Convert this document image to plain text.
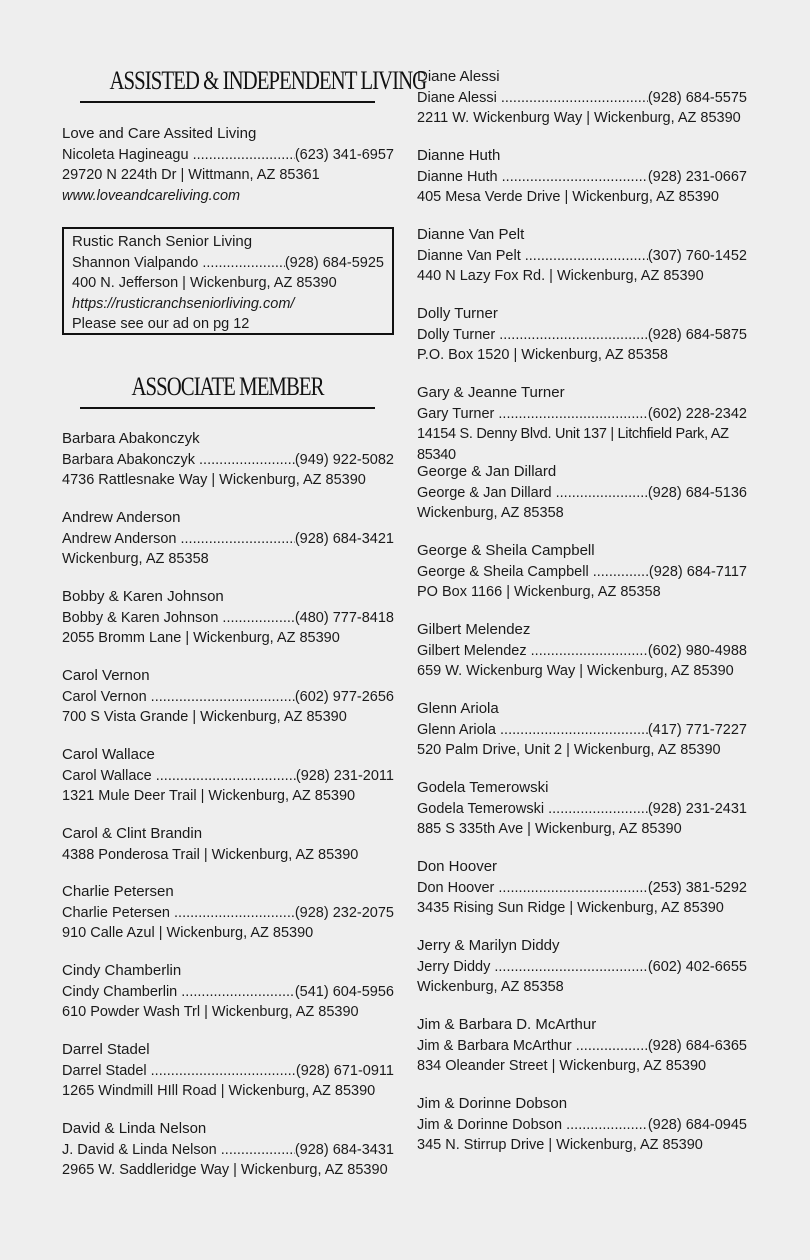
ASSISTED & INDEPENDENT LIVING
Love and Care Assited Living
Nicoleta Hagineagu .....	(623) 341-6957
29720 N 224th Dr | Wittmann, AZ 85361
www.loveandcareliving.com
Rustic Ranch Senior Living
Shannon Vialpando .....	(928) 684-5925
400 N. Jefferson | Wickenburg, AZ 85390
https://rusticranchseniorliving.com/
Please see our ad on pg 12
ASSOCIATE MEMBER
Barbara Abakonczyk
Barbara Abakonczyk .....	(949) 922-5082
4736 Rattlesnake Way | Wickenburg, AZ 85390
Andrew Anderson
Andrew Anderson .....	(928) 684-3421
Wickenburg, AZ 85358
Bobby & Karen Johnson
Bobby & Karen Johnson .....	(480) 777-8418
2055 Bromm Lane | Wickenburg, AZ 85390
Carol Vernon
Carol Vernon .....	(602) 977-2656
700 S Vista Grande | Wickenburg, AZ 85390
Carol Wallace
Carol Wallace .....	(928) 231-2011
1321 Mule Deer Trail | Wickenburg, AZ 85390
Carol & Clint Brandin
4388 Ponderosa Trail | Wickenburg, AZ 85390
Charlie Petersen
Charlie Petersen .....	(928) 232-2075
910 Calle Azul | Wickenburg, AZ 85390
Cindy Chamberlin
Cindy Chamberlin .....	(541) 604-5956
610 Powder Wash Trl | Wickenburg, AZ 85390
Darrel Stadel
Darrel Stadel .....	(928) 671-0911
1265 Windmill HIll Road | Wickenburg, AZ 85390
David & Linda Nelson
J. David & Linda Nelson .....	(928) 684-3431
2965 W. Saddleridge Way | Wickenburg, AZ 85390
Diane Alessi
Diane Alessi .....	(928) 684-5575
2211 W. Wickenburg Way | Wickenburg, AZ 85390
Dianne Huth
Dianne Huth .....	(928) 231-0667
405 Mesa Verde Drive | Wickenburg, AZ 85390
Dianne Van Pelt
Dianne Van Pelt .....	(307) 760-1452
440 N Lazy Fox Rd. | Wickenburg, AZ 85390
Dolly Turner
Dolly Turner .....	(928) 684-5875
P.O. Box 1520 | Wickenburg, AZ 85358
Gary & Jeanne Turner
Gary Turner .....	(602) 228-2342
14154 S. Denny Blvd. Unit 137 | Litchfield Park, AZ 85340
George & Jan Dillard
George & Jan Dillard .....	(928) 684-5136
Wickenburg, AZ 85358
George & Sheila Campbell
George & Sheila Campbell .....	(928) 684-7117
PO Box 1166 | Wickenburg, AZ 85358
Gilbert Melendez
Gilbert Melendez .....	(602) 980-4988
659 W. Wickenburg Way | Wickenburg, AZ 85390
Glenn Ariola
Glenn Ariola .....	(417) 771-7227
520 Palm Drive, Unit 2 | Wickenburg, AZ 85390
Godela Temerowski
Godela Temerowski .....	(928) 231-2431
885 S 335th Ave | Wickenburg, AZ 85390
Don Hoover
Don Hoover .....	(253) 381-5292
3435 Rising Sun Ridge | Wickenburg, AZ 85390
Jerry & Marilyn Diddy
Jerry Diddy .....	(602) 402-6655
Wickenburg, AZ 85358
Jim & Barbara D. McArthur
Jim & Barbara McArthur .....	(928) 684-6365
834 Oleander Street | Wickenburg, AZ 85390
Jim & Dorinne Dobson
Jim & Dorinne Dobson .....	(928) 684-0945
345 N. Stirrup Drive | Wickenburg, AZ 85390
